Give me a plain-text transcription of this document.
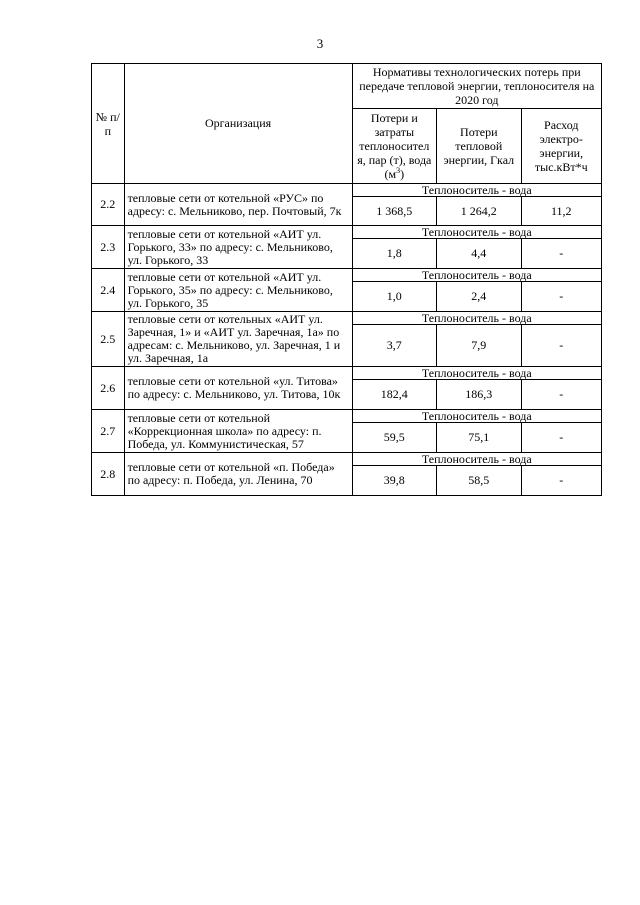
3
№ п/п	Организация	Нормативы технологических потерь при передаче тепловой энергии, теплоносителя на 2020 год		
		Потери и затраты теплоносител я, пар (т), вода $(м^3)$	Потери тепловой энергии, Гкал	Расход электро-энергии, тыс.кВт*ч
2.2	тепловые сети от котельной «РУС» по адресу: с. Мельниково, пер. Почтовый, 7к	Теплоноситель - вода		
		1 368,5	1 264,2	11,2
2.3	тепловые сети от котельной «АИТ ул. Горького, 33» по адресу: с. Мельниково, ул. Горького, 33	Теплоноситель - вода		
		1,8	4,4	-
2.4	тепловые сети от котельной «АИТ ул. Горького, 35» по адресу: с. Мельниково, ул. Горького, 35	Теплоноситель - вода		
		1,0	2,4	-
2.5	тепловые сети от котельных «АИТ ул. Заречная, 1» и «АИТ ул. Заречная, 1а» по адресам: с. Мельниково, ул. Заречная, 1 и ул. Заречная, 1а	Теплоноситель - вода		
		3,7	7,9	-
2.6	тепловые сети от котельной «ул. Титова» по адресу: с. Мельниково, ул. Титова, 10к	Теплоноситель - вода		
		182,4	186,3	-
2.7	тепловые сети от котельной «Коррекционная школа» по адресу: п. Победа, ул. Коммунистическая, 57	Теплоноситель - вода		
		59,5	75,1	-
2.8	тепловые сети от котельной «п. Победа» по адресу: п. Победа, ул. Ленина, 70	Теплоноситель - вода		
		39,8	58,5	-
